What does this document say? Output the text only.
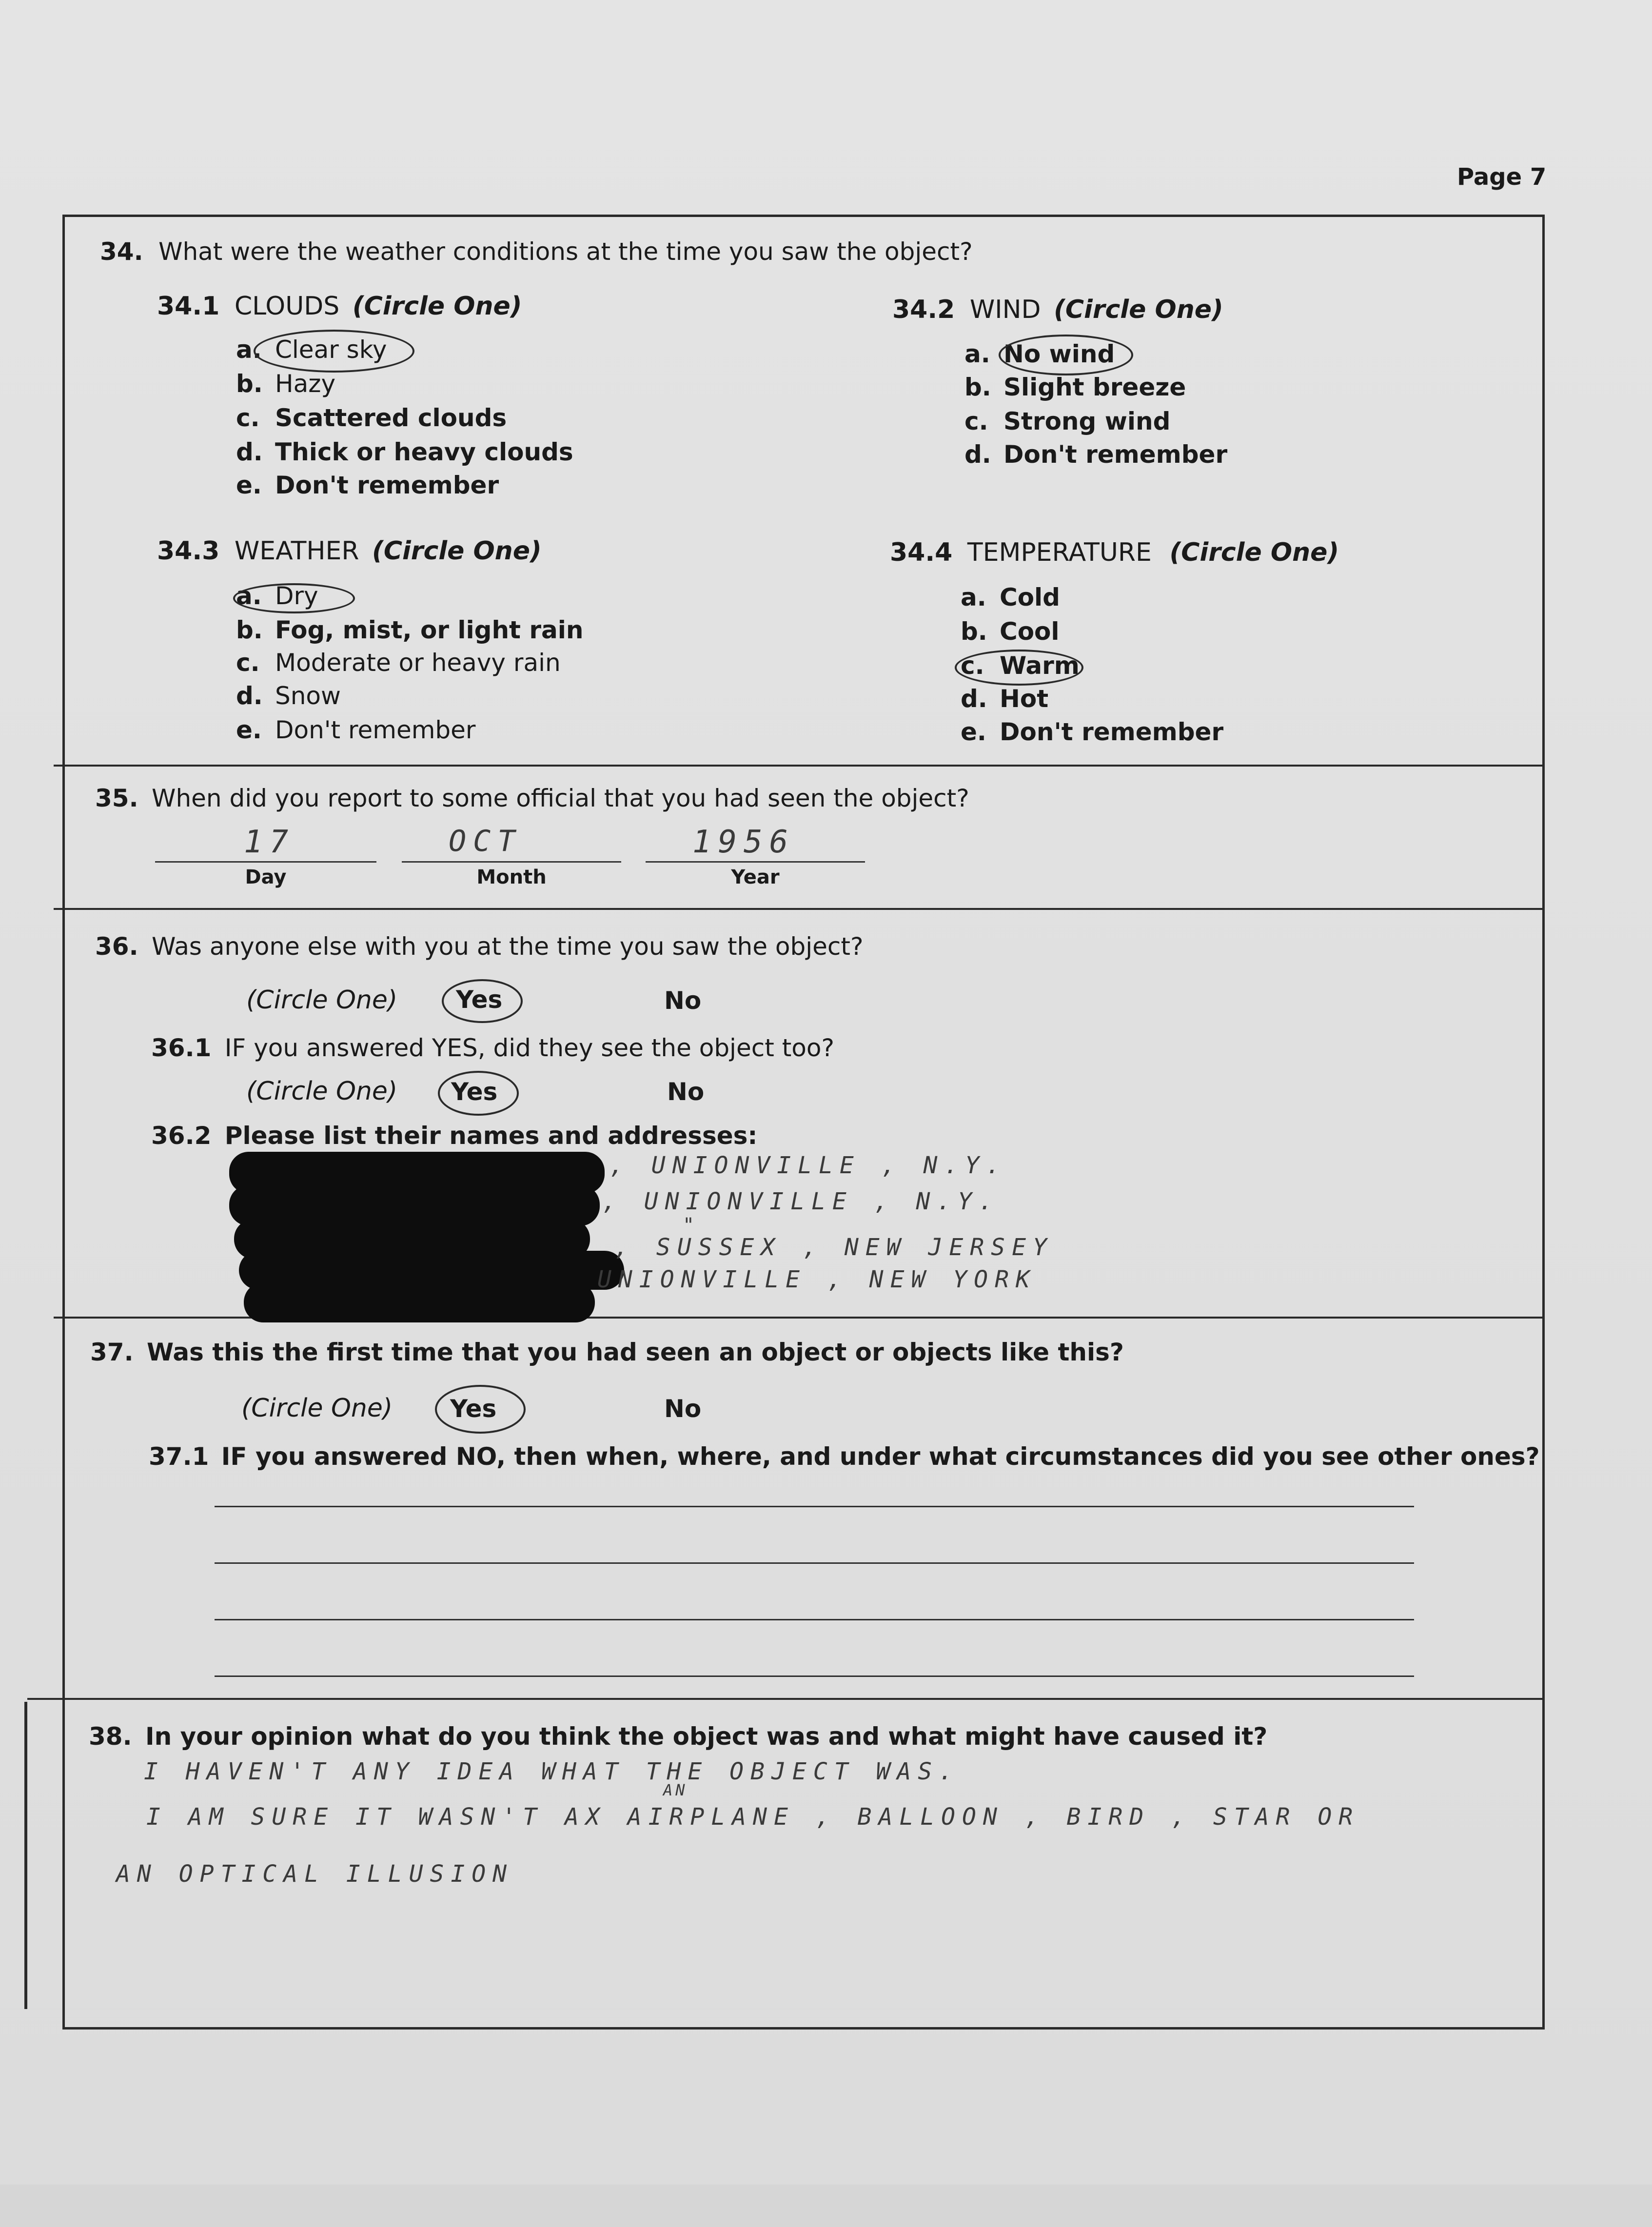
Page 7
34. What were the weather conditions at the time you saw the object?
34.1 CLOUDS (Circle One)
a. Clear sky
b. Hazy
c. Scattered clouds
d. Thick or heavy clouds
e. Don't remember
34.2 WIND (Circle One)
a. No wind
b. Slight breeze
c. Strong wind
d. Don't remember
34.3 WEATHER (Circle One)
a. Dry
b. Fog, mist, or light rain
c. Moderate or heavy rain
d. Snow
e. Don't remember
34.4 TEMPERATURE (Circle One)
a. Cold
b. Cool
c. Warm
d. Hot
e. Don't remember
35. When did you report to some official that you had seen the object?
17	OCT	1956
Day	Month	Year
36. Was anyone else with you at the time you saw the object?
(Circle One) Yes	No
36.1 IF you answered YES, did they see the object too?
(Circle One) Yes	No
36.2 Please list their names and addresses:
, UNIONVILLE , N.Y.
, UNIONVILLE , N.Y.
"
, SUSSEX , NEW JERSEY
UNIONVILLE , NEW YORK
37. Was this the first time that you had seen an object or objects like this?
(Circle One) Yes	No
37.1 IF you answered NO, then when, where, and under what circumstances did you see other ones?
38. In your opinion what do you think the object was and what might have caused it?
I HAVEN'T ANY IDEA WHAT THE OBJECT WAS.
AN
I AM SURE IT WASN'T AX AIRPLANE , BALLOON , BIRD , STAR OR
AN OPTICAL ILLUSION
